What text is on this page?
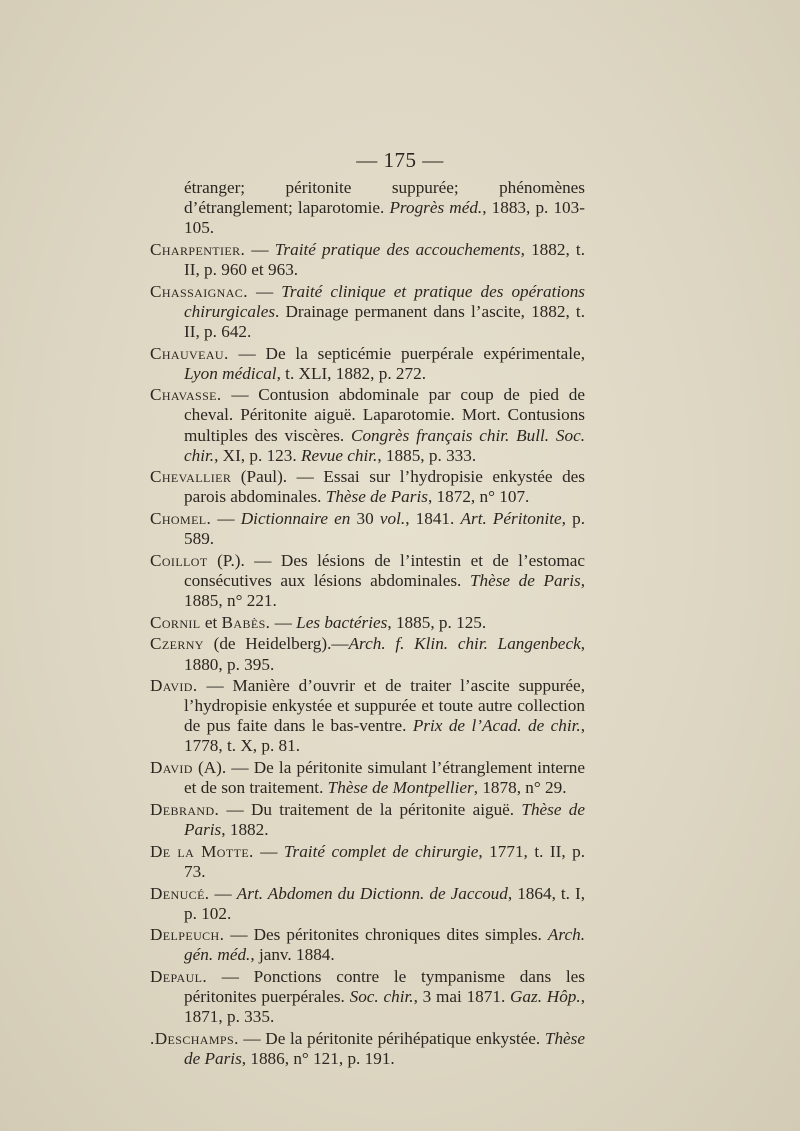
— 175 —

étranger; péritonite suppurée; phénomènes d’étranglement; laparotomie. Progrès méd., 1883, p. 103-105.

Charpentier. — Traité pratique des accouchements, 1882, t. II, p. 960 et 963.

Chassaignac. — Traité clinique et pratique des opérations chirurgicales. Drainage permanent dans l’ascite, 1882, t. II, p. 642.

Chauveau. — De la septicémie puerpérale expérimentale, Lyon médical, t. XLI, 1882, p. 272.

Chavasse. — Contusion abdominale par coup de pied de cheval. Péritonite aiguë. Laparotomie. Mort. Contusions multiples des viscères. Congrès français chir. Bull. Soc. chir., XI, p. 123. Revue chir., 1885, p. 333.

Chevallier (Paul). — Essai sur l’hydropisie enkystée des parois abdominales. Thèse de Paris, 1872, n° 107.

Chomel. — Dictionnaire en 30 vol., 1841. Art. Péritonite, p. 589.

Coillot (P.). — Des lésions de l’intestin et de l’estomac consécutives aux lésions abdominales. Thèse de Paris, 1885, n° 221.

Cornil et Babès. — Les bactéries, 1885, p. 125.

Czerny (de Heidelberg).—Arch. f. Klin. chir. Langenbeck, 1880, p. 395.

David. — Manière d’ouvrir et de traiter l’ascite suppurée, l’hydropisie enkystée et suppurée et toute autre collection de pus faite dans le bas-ventre. Prix de l’Acad. de chir., 1778, t. X, p. 81.

David (A). — De la péritonite simulant l’étranglement interne et de son traitement. Thèse de Montpellier, 1878, n° 29.

Debrand. — Du traitement de la péritonite aiguë. Thèse de Paris, 1882.

De la Motte. — Traité complet de chirurgie, 1771, t. II, p. 73.

Denucé. — Art. Abdomen du Dictionn. de Jaccoud, 1864, t. I, p. 102.

Delpeuch. — Des péritonites chroniques dites simples. Arch. gén. méd., janv. 1884.

Depaul. — Ponctions contre le tympanisme dans les péritonites puerpérales. Soc. chir., 3 mai 1871. Gaz. Hôp., 1871, p. 335.

.Deschamps. — De la péritonite périhépatique enkystée. Thèse de Paris, 1886, n° 121, p. 191.
